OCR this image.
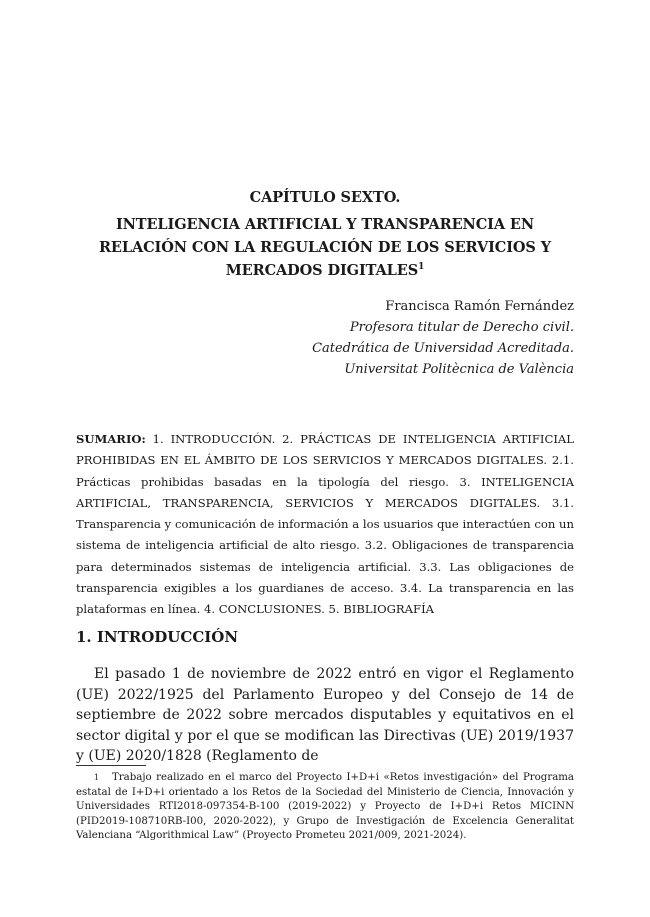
CAPÍTULO SEXTO.
INTELIGENCIA ARTIFICIAL Y TRANSPARENCIA EN RELACIÓN CON LA REGULACIÓN DE LOS SERVICIOS Y MERCADOS DIGITALES$^1$
Francisca Ramón Fernández
Profesora titular de Derecho civil.
Catedrática de Universidad Acreditada.
Universitat Politècnica de València
SUMARIO: 1. INTRODUCCIÓN. 2. PRÁCTICAS DE INTELIGENCIA ARTIFICIAL PROHIBIDAS EN EL ÁMBITO DE LOS SERVICIOS Y MERCADOS DIGITALES. 2.1. Prácticas prohibidas basadas en la tipología del riesgo. 3. INTELIGENCIA ARTIFICIAL, TRANSPARENCIA, SERVICIOS Y MERCADOS DIGITALES. 3.1. Transparencia y comunicación de información a los usuarios que interactúen con un sistema de inteligencia artificial de alto riesgo. 3.2. Obligaciones de transparencia para determinados sistemas de inteligencia artificial. 3.3. Las obligaciones de transparencia exigibles a los guardianes de acceso. 3.4. La transparencia en las plataformas en línea. 4. CONCLUSIONES. 5. BIBLIOGRAFÍA
1. INTRODUCCIÓN

El pasado 1 de noviembre de 2022 entró en vigor el Reglamento (UE) 2022/1925 del Parlamento Europeo y del Consejo de 14 de septiembre de 2022 sobre mercados disputables y equitativos en el sector digital y por el que se modifican las Directivas (UE) 2019/1937 y (UE) 2020/1828 (Reglamento de

1 Trabajo realizado en el marco del Proyecto I+D+i «Retos investigación» del Programa estatal de I+D+i orientado a los Retos de la Sociedad del Ministerio de Ciencia, Innovación y Universidades RTI2018-097354-B-100 (2019-2022) y Proyecto de I+D+i Retos MICINN (PID2019-108710RB-I00, 2020-2022), y Grupo de Investigación de Excelencia Generalitat Valenciana “Algorithmical Law” (Proyecto Prometeu 2021/009, 2021-2024).
